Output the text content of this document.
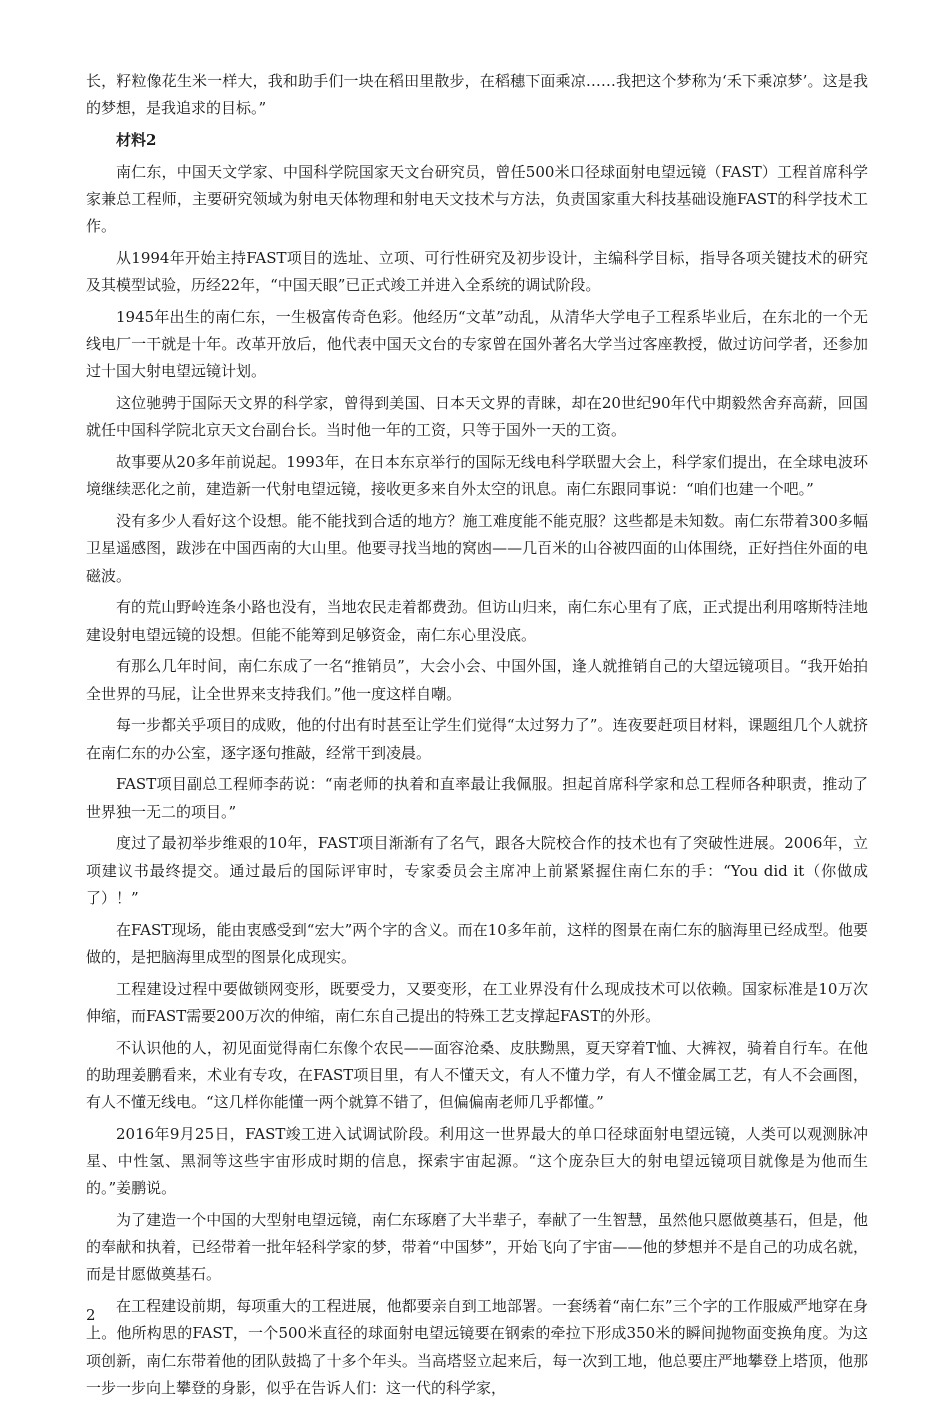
长，籽粒像花生米一样大，我和助手们一块在稻田里散步，在稻穗下面乘凉……我把这个梦称为‘禾下乘凉梦’。这是我的梦想，是我追求的目标。”

材料2

南仁东，中国天文学家、中国科学院国家天文台研究员，曾任500米口径球面射电望远镜（FAST）工程首席科学家兼总工程师，主要研究领域为射电天体物理和射电天文技术与方法，负责国家重大科技基础设施FAST的科学技术工作。

从1994年开始主持FAST项目的选址、立项、可行性研究及初步设计，主编科学目标，指导各项关键技术的研究及其模型试验，历经22年，“中国天眼”已正式竣工并进入全系统的调试阶段。

1945年出生的南仁东，一生极富传奇色彩。他经历“文革”动乱，从清华大学电子工程系毕业后，在东北的一个无线电厂一干就是十年。改革开放后，他代表中国天文台的专家曾在国外著名大学当过客座教授，做过访问学者，还参加过十国大射电望远镜计划。

这位驰骋于国际天文界的科学家，曾得到美国、日本天文界的青睐，却在20世纪90年代中期毅然舍弃高薪，回国就任中国科学院北京天文台副台长。当时他一年的工资，只等于国外一天的工资。

故事要从20多年前说起。1993年，在日本东京举行的国际无线电科学联盟大会上，科学家们提出，在全球电波环境继续恶化之前，建造新一代射电望远镜，接收更多来自外太空的讯息。南仁东跟同事说：“咱们也建一个吧。”

没有多少人看好这个设想。能不能找到合适的地方？施工难度能不能克服？这些都是未知数。南仁东带着300多幅卫星遥感图，跋涉在中国西南的大山里。他要寻找当地的窝凼——几百米的山谷被四面的山体围绕，正好挡住外面的电磁波。

有的荒山野岭连条小路也没有，当地农民走着都费劲。但访山归来，南仁东心里有了底，正式提出利用喀斯特洼地建设射电望远镜的设想。但能不能筹到足够资金，南仁东心里没底。

有那么几年时间，南仁东成了一名“推销员”，大会小会、中国外国，逢人就推销自己的大望远镜项目。“我开始拍全世界的马屁，让全世界来支持我们。”他一度这样自嘲。

每一步都关乎项目的成败，他的付出有时甚至让学生们觉得“太过努力了”。连夜要赶项目材料，课题组几个人就挤在南仁东的办公室，逐字逐句推敲，经常干到凌晨。

FAST项目副总工程师李菂说：“南老师的执着和直率最让我佩服。担起首席科学家和总工程师各种职责，推动了世界独一无二的项目。”

度过了最初举步维艰的10年，FAST项目渐渐有了名气，跟各大院校合作的技术也有了突破性进展。2006年，立项建议书最终提交。通过最后的国际评审时，专家委员会主席冲上前紧紧握住南仁东的手：“You did it（你做成了）！”

在FAST现场，能由衷感受到“宏大”两个字的含义。而在10多年前，这样的图景在南仁东的脑海里已经成型。他要做的，是把脑海里成型的图景化成现实。

工程建设过程中要做锁网变形，既要受力，又要变形，在工业界没有什么现成技术可以依赖。国家标准是10万次伸缩，而FAST需要200万次的伸缩，南仁东自己提出的特殊工艺支撑起FAST的外形。

不认识他的人，初见面觉得南仁东像个农民——面容沧桑、皮肤黝黑，夏天穿着T恤、大裤衩，骑着自行车。在他的助理姜鹏看来，术业有专攻，在FAST项目里，有人不懂天文，有人不懂力学，有人不懂金属工艺，有人不会画图，有人不懂无线电。“这几样你能懂一两个就算不错了，但偏偏南老师几乎都懂。”

2016年9月25日，FAST竣工进入试调试阶段。利用这一世界最大的单口径球面射电望远镜，人类可以观测脉冲星、中性氢、黑洞等这些宇宙形成时期的信息，探索宇宙起源。“这个庞杂巨大的射电望远镜项目就像是为他而生的。”姜鹏说。

为了建造一个中国的大型射电望远镜，南仁东琢磨了大半辈子，奉献了一生智慧，虽然他只愿做奠基石，但是，他的奉献和执着，已经带着一批年轻科学家的梦，带着“中国梦”，开始飞向了宇宙——他的梦想并不是自己的功成名就，而是甘愿做奠基石。

在工程建设前期，每项重大的工程进展，他都要亲自到工地部署。一套绣着“南仁东”三个字的工作服威严地穿在身上。他所构思的FAST，一个500米直径的球面射电望远镜要在钢索的牵拉下形成350米的瞬间抛物面变换角度。为这项创新，南仁东带着他的团队鼓捣了十多个年头。当高塔竖立起来后，每一次到工地，他总要庄严地攀登上塔顶，他那一步一步向上攀登的身影，似乎在告诉人们：这一代的科学家，

2
